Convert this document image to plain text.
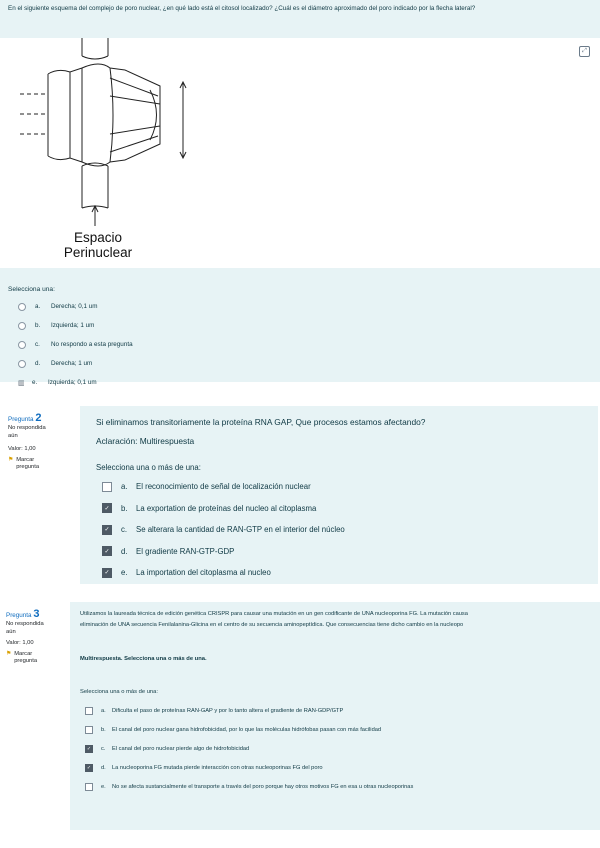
En el siguiente esquema del complejo de poro nuclear, ¿en qué lado está el citosol localizado? ¿Cuál es el diámetro aproximado del poro indicado por la flecha lateral?
⤢
Espacio
Perinuclear
Selecciona una:
a.	Derecha; 0,1 um
b.	Izquierda; 1 um
c.	No respondo a esta pregunta
d.	Derecha; 1 um
▥ e.	Izquierda; 0,1 um
Pregunta 2
No respondida
aún
Valor: 1,00
⚑ Marcar
pregunta
Si eliminamos transitoriamente la proteína RNA GAP, Que procesos estamos afectando?
Aclaración: Multirespuesta
Selecciona una o más de una:
a.	El reconocimiento de señal de localización nuclear
✓	b.	La exportation de proteínas del nucleo al citoplasma
✓	c.	Se alterara la cantidad de RAN-GTP en el interior del núcleo
✓	d.	El gradiente RAN-GTP-GDP
✓	e.	La importation del citoplasma al nucleo
Pregunta 3
No respondida
aún
Valor: 1,00
⚑ Marcar
pregunta
Utilizamos la laureada técnica de edición genética CRISPR para causar una mutación en un gen codificante de UNA nucleoporina FG. La mutación causa
eliminación de UNA secuencia Fenilalanina-Glicina en el centro de su secuencia aminopeptídica. Que consecuencias tiene dicho cambio en la nucleopo
Multirespuesta. Selecciona una o más de una.
Selecciona una o más de una:
a.	Dificulta el paso de proteínas RAN-GAP y por lo tanto altera el gradiente de RAN-GDP/GTP
b.	El canal del poro nuclear gana hidrofobicidad, por lo que las moléculas hidrófobas pasan con más facilidad
✓	c.	El canal del poro nuclear pierde algo de hidrofobicidad
✓	d.	La nucleoporina FG mutada pierde interacción con otras nucleoporinas FG del poro
e.	No se afecta sustancialmente el transporte a través del poro porque hay otros motivos FG en esa u otras nucleoporinas
